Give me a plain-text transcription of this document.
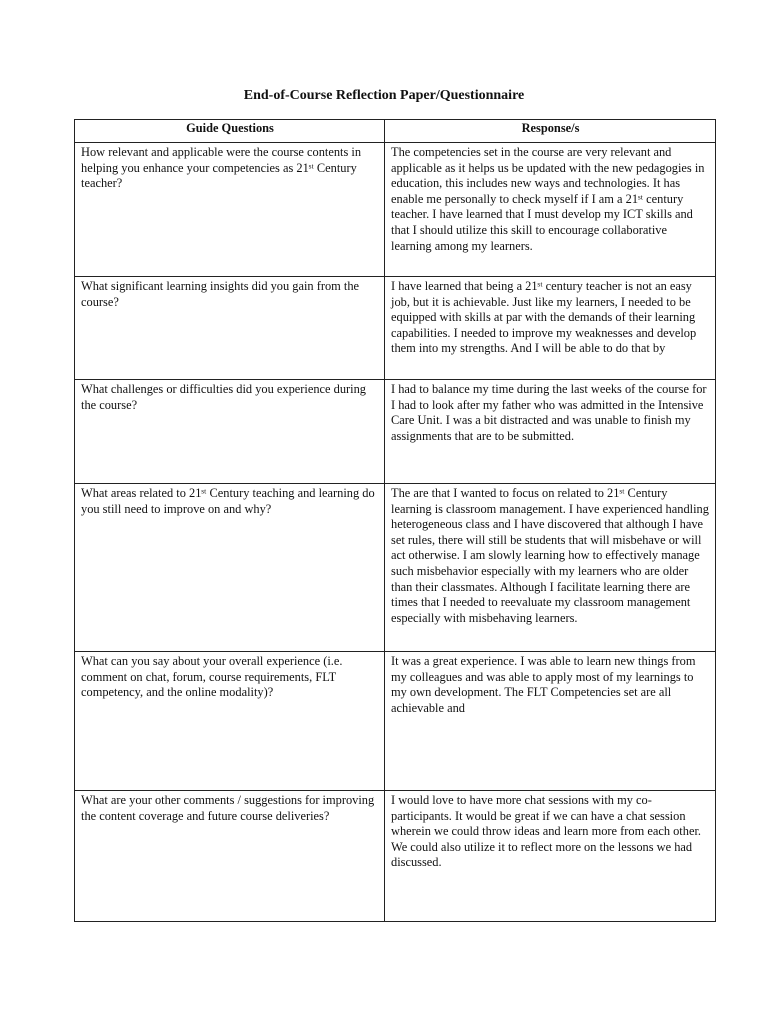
End-of-Course Reflection Paper/Questionnaire
Guide Questions	Response/s
How relevant and applicable were the course contents in helping you enhance your competencies as 21ˢᵗ Century teacher?	The competencies set in the course are very relevant and applicable as it helps us be updated with the new pedagogies in education, this includes new ways and technologies. It has enable me personally to check myself if I am a 21ˢᵗ century teacher. I have learned that I must develop my ICT skills and that I should utilize this skill to encourage collaborative learning among my learners.
What significant learning insights did you gain from the course?	I have learned that being a 21ˢᵗ century teacher is not an easy job, but it is achievable. Just like my learners, I needed to be equipped with skills at par with the demands of their learning capabilities. I needed to improve my weaknesses and develop them into my strengths. And I will be able to do that by
What challenges or difficulties did you experience during the course?	I had to balance my time during the last weeks of the course for I had to look after my father who was admitted in the Intensive Care Unit. I was a bit distracted and was unable to finish my assignments that are to be submitted.
What areas related to 21ˢᵗ Century teaching and learning do you still need to improve on and why?	The are that I wanted to focus on related to 21ˢᵗ Century learning is classroom management. I have experienced handling heterogeneous class and I have discovered that although I have set rules, there will still be students that will misbehave or will act otherwise. I am slowly learning how to effectively manage such misbehavior especially with my learners who are older than their classmates. Although I facilitate learning there are times that I needed to reevaluate my classroom management especially with misbehaving learners.
What can you say about your overall experience (i.e. comment on chat, forum, course requirements, FLT competency, and the online modality)?	It was a great experience. I was able to learn new things from my colleagues and was able to apply most of my learnings to my own development. The FLT Competencies set are all achievable and
What are your other comments / suggestions for improving the content coverage and future course deliveries?	I would love to have more chat sessions with my co-participants. It would be great if we can have a chat session wherein we could throw ideas and learn more from each other. We could also utilize it to reflect more on the lessons we had discussed.
